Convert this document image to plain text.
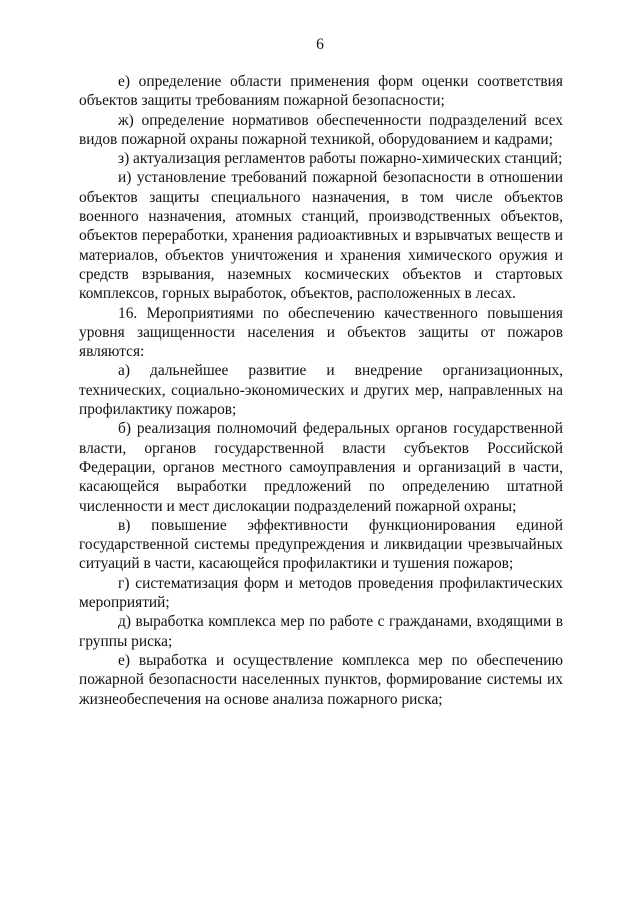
6

е) определение области применения форм оценки соответствия объектов защиты требованиям пожарной безопасности;

ж) определение нормативов обеспеченности подразделений всех видов пожарной охраны пожарной техникой, оборудованием и кадрами;

з) актуализация регламентов работы пожарно-химических станций;

и) установление требований пожарной безопасности в отношении объектов защиты специального назначения, в том числе объектов военного назначения, атомных станций, производственных объектов, объектов переработки, хранения радиоактивных и взрывчатых веществ и материалов, объектов уничтожения и хранения химического оружия и средств взрывания, наземных космических объектов и стартовых комплексов, горных выработок, объектов, расположенных в лесах.

16. Мероприятиями по обеспечению качественного повышения уровня защищенности населения и объектов защиты от пожаров являются:

а) дальнейшее развитие и внедрение организационных, технических, социально-экономических и других мер, направленных на профилактику пожаров;

б) реализация полномочий федеральных органов государственной власти, органов государственной власти субъектов Российской Федерации, органов местного самоуправления и организаций в части, касающейся выработки предложений по определению штатной численности и мест дислокации подразделений пожарной охраны;

в) повышение эффективности функционирования единой государственной системы предупреждения и ликвидации чрезвычайных ситуаций в части, касающейся профилактики и тушения пожаров;

г) систематизация форм и методов проведения профилактических мероприятий;

д) выработка комплекса мер по работе с гражданами, входящими в группы риска;

е) выработка и осуществление комплекса мер по обеспечению пожарной безопасности населенных пунктов, формирование системы их жизнеобеспечения на основе анализа пожарного риска;
